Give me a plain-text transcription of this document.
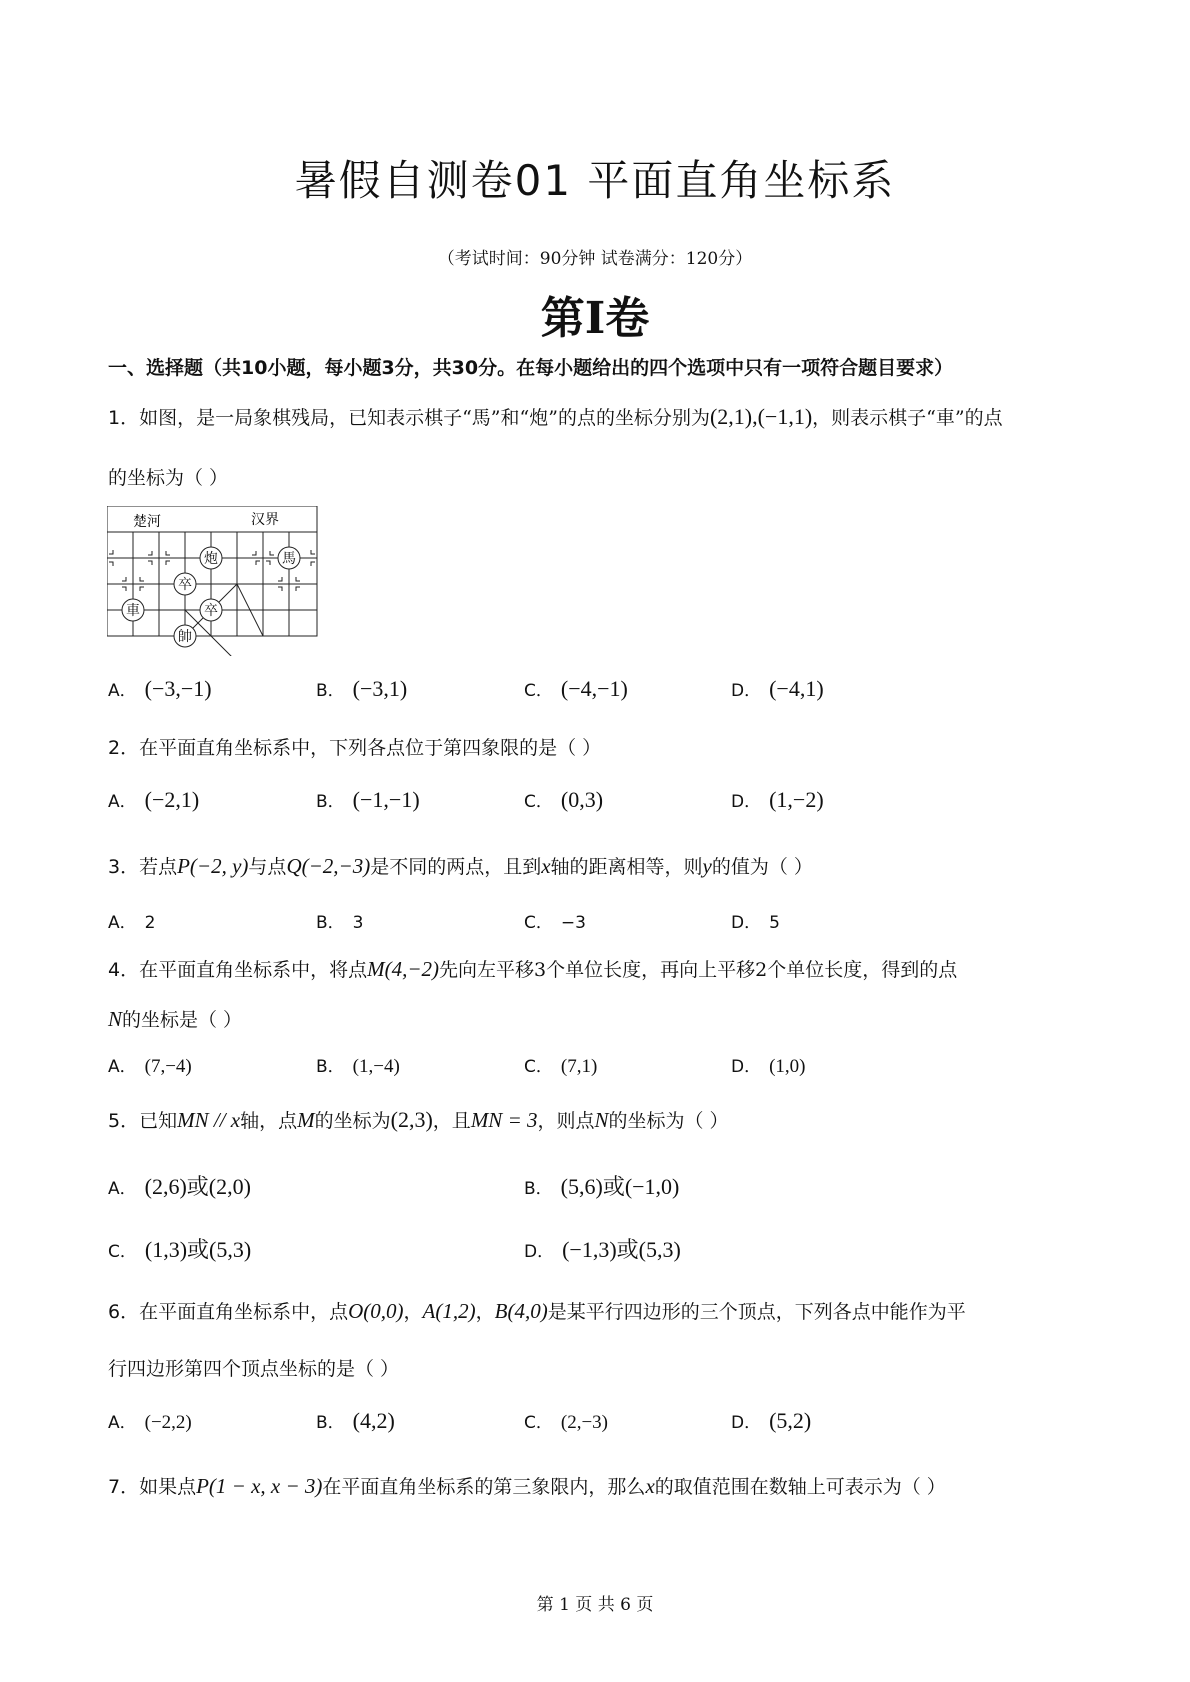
暑假自测卷01 平面直角坐标系
（考试时间：90分钟 试卷满分：120分）
第I卷
一、选择题（共10小题，每小题3分，共30分。在每小题给出的四个选项中只有一项符合题目要求）
1．如图，是一局象棋残局，已知表示棋子“馬”和“炮”的点的坐标分别为(2,1),(−1,1)，则表示棋子“車”的点
的坐标为（ ）
楚河	汉界
炮	馬
卒
卒
車
帥
A． (−3,−1)	B． (−3,1)	C． (−4,−1)	D． (−4,1)
2．在平面直角坐标系中，下列各点位于第四象限的是（ ）
A． (−2,1)	B． (−1,−1)	C． (0,3)	D． (1,−2)
3．若点P(−2, y)与点Q(−2,−3)是不同的两点，且到x轴的距离相等，则y的值为（ ）
A． 2	B． 3	C． −3	D． 5
4．在平面直角坐标系中，将点M(4,−2)先向左平移3个单位长度，再向上平移2个单位长度，得到的点
N的坐标是（ ）
A． (7,−4)	B． (1,−4)	C． (7,1)	D． (1,0)
5．已知MN // x轴，点M的坐标为(2,3)，且MN = 3，则点N的坐标为（ ）
A． (2,6)或(2,0)	B． (5,6)或(−1,0)
C． (1,3)或(5,3)	D． (−1,3)或(5,3)
6．在平面直角坐标系中，点O(0,0)，A(1,2)，B(4,0)是某平行四边形的三个顶点，下列各点中能作为平
行四边形第四个顶点坐标的是（ ）
A． (−2,2)	B． (4,2)	C． (2,−3)	D． (5,2)
7．如果点P(1 − x, x − 3)在平面直角坐标系的第三象限内，那么x的取值范围在数轴上可表示为（ ）
第 1 页 共 6 页
